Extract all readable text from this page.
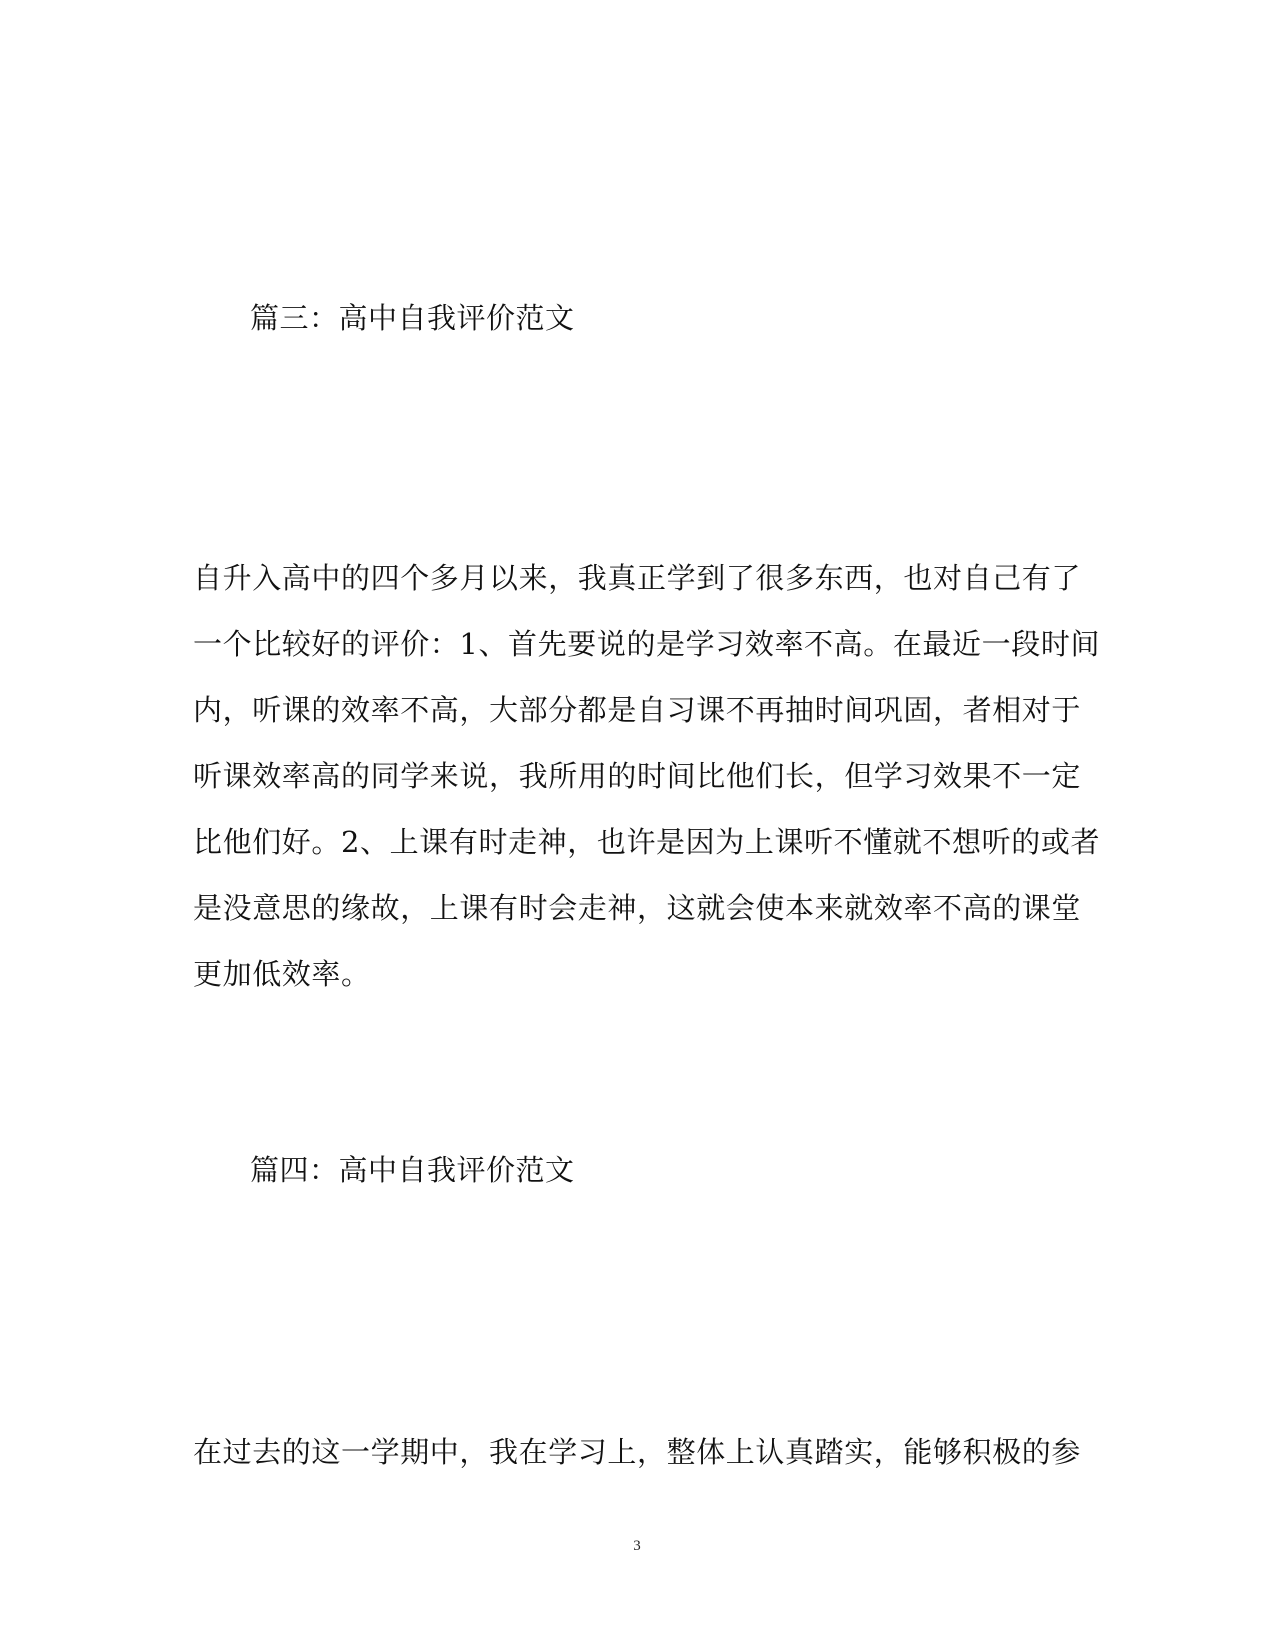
篇三：高中自我评价范文
自升入高中的四个多月以来，我真正学到了很多东西，也对自己有了
一个比较好的评价：1、首先要说的是学习效率不高。在最近一段时间
内，听课的效率不高，大部分都是自习课不再抽时间巩固，者相对于
听课效率高的同学来说，我所用的时间比他们长，但学习效果不一定
比他们好。2、上课有时走神，也许是因为上课听不懂就不想听的或者
是没意思的缘故，上课有时会走神，这就会使本来就效率不高的课堂
更加低效率。
篇四：高中自我评价范文
在过去的这一学期中，我在学习上，整体上认真踏实，能够积极的参
3
